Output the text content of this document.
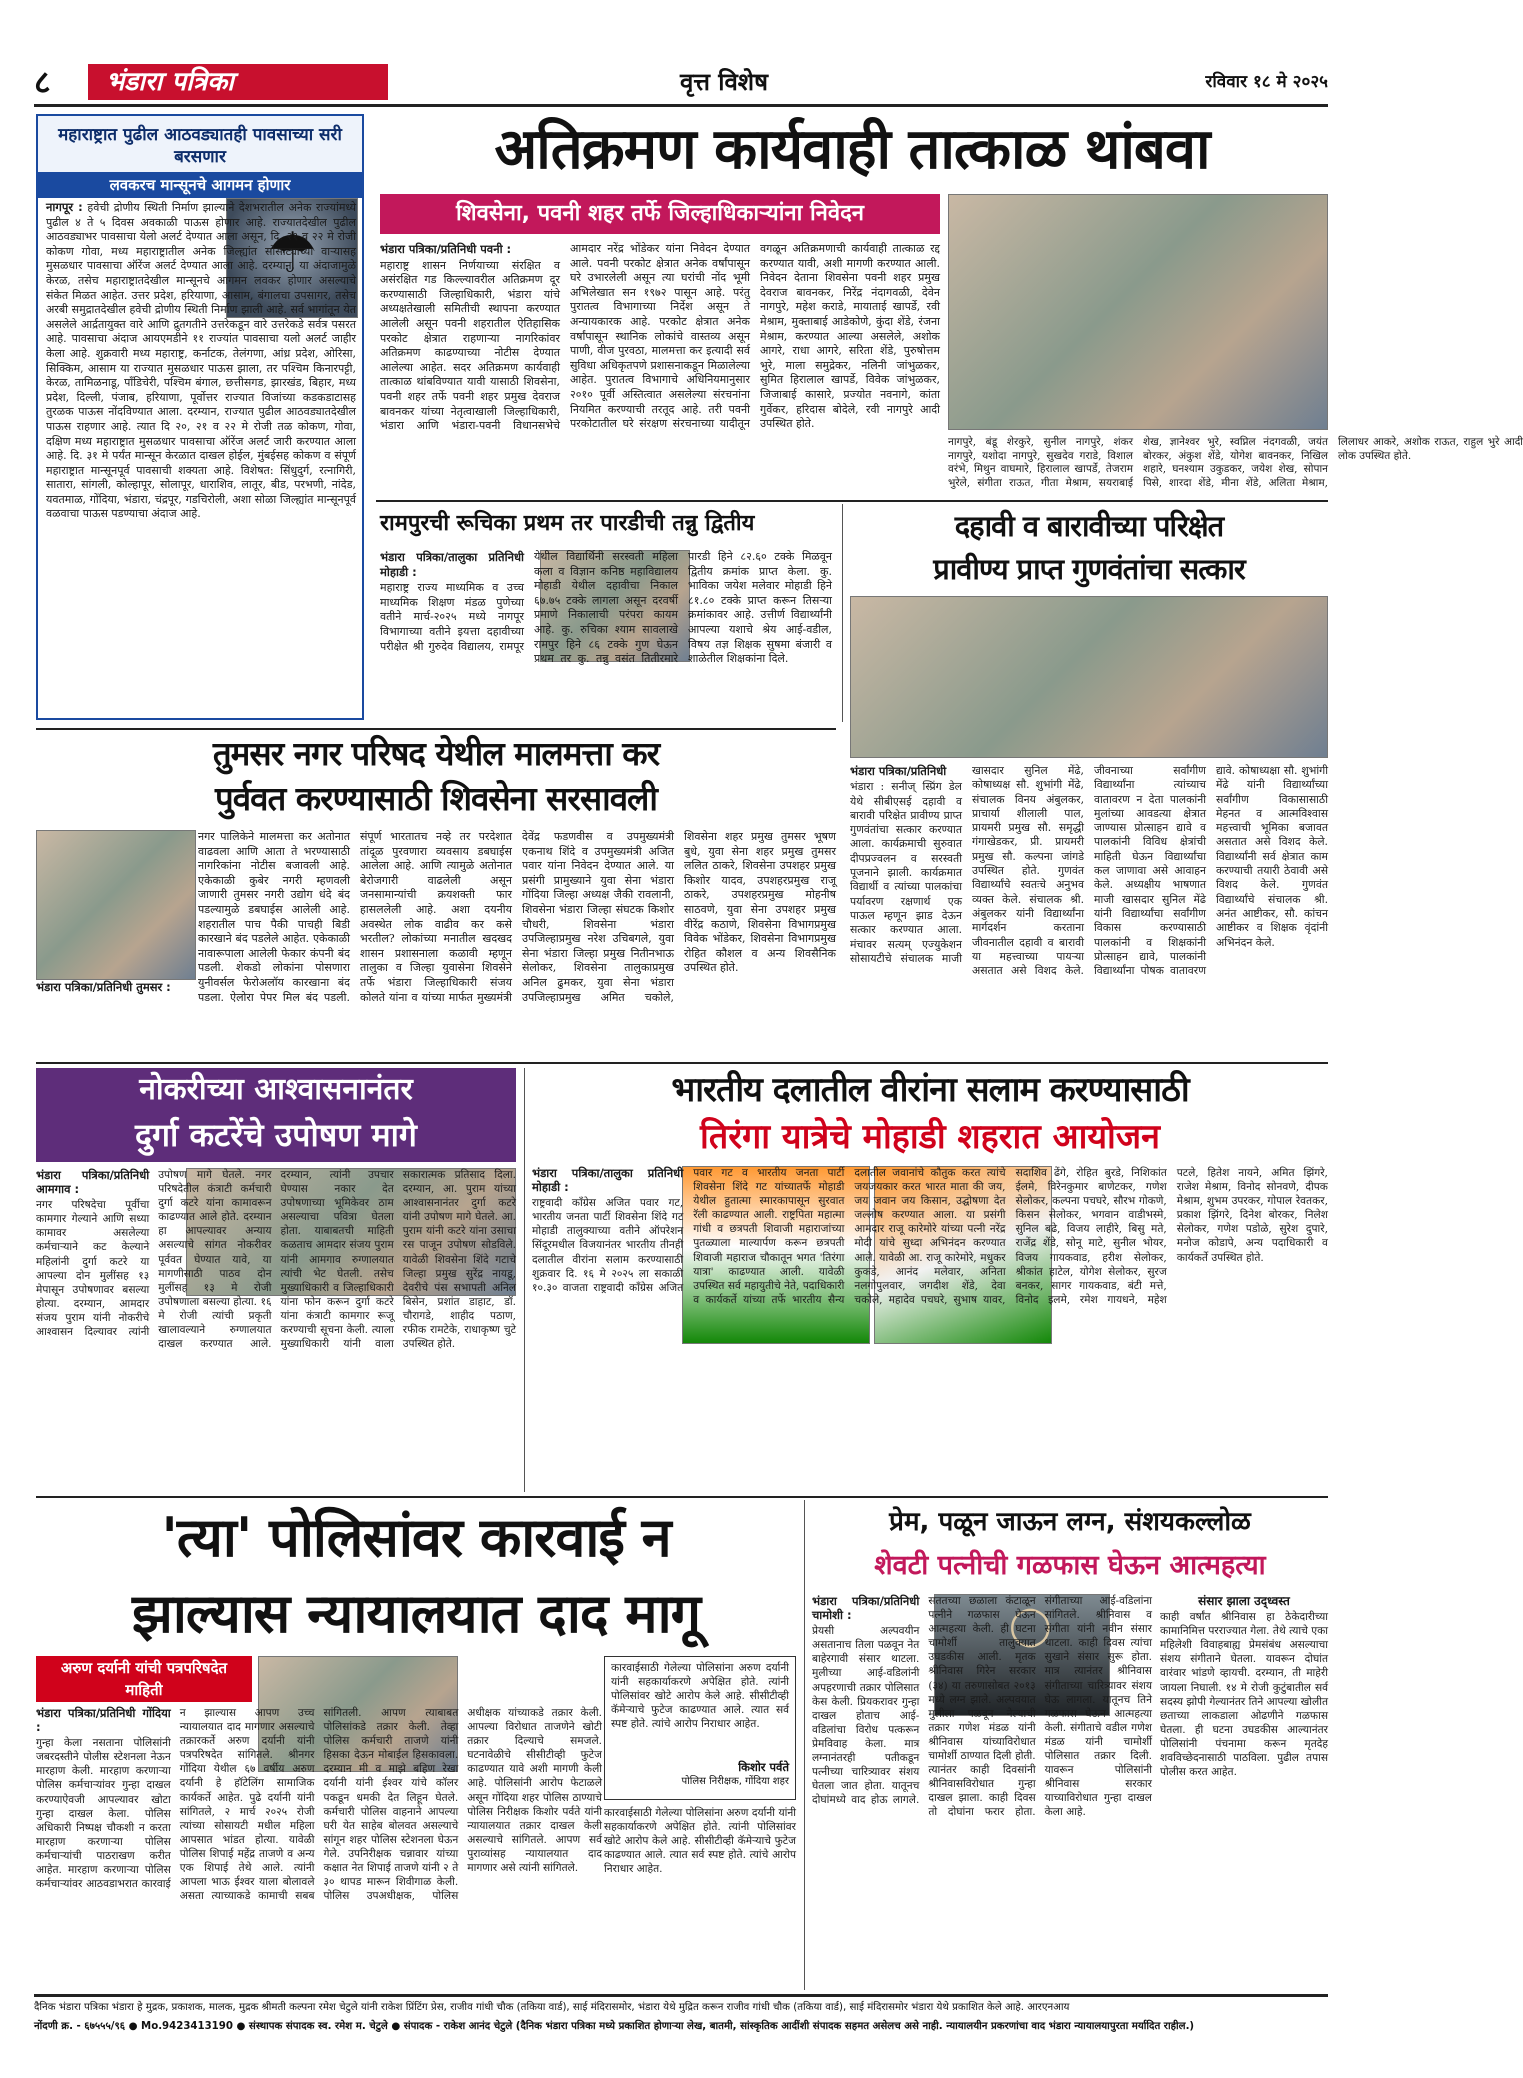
८	भंडारा पत्रिका	वृत्त विशेष	रविवार १८ मे २०२५
महाराष्ट्रात पुढील आठवड्यातही पावसाच्या सरी बरसणार
लवकरच मान्सूनचे आगमन होणार
☂
नागपूर : हवेची द्रोणीय स्थिती निर्माण झाल्याने देशभरातील अनेक राज्यांमध्ये पुढील ४ ते ५ दिवस अवकाळी पाऊस होणार आहे. राज्यातदेखील पुढील आठवड्याभर पावसाचा येलो अलर्ट देण्यात आला असून, दि. २१ व २२ मे रोजी कोकण गोवा, मध्य महाराष्ट्रातील अनेक जिल्ह्यांत सोसाट्याच्या वाऱ्यासह मुसळधार पावसाचा ऑरेंज अलर्ट देण्यात आला आहे. दरम्यान, या अंदाजामुळे केरळ, तसेच महाराष्ट्रातदेखील मान्सूनचे आगमन लवकर होणार असल्याचे संकेत मिळत आहेत. उत्तर प्रदेश, हरियाणा, आसाम, बंगालचा उपसागर, तसेच अरबी समुद्रातदेखील हवेची द्रोणीय स्थिती निर्माण झाली आहे. सर्व भागांतून येत असलेले आर्द्रतायुक्त वारे आणि द्रुतगतीने उत्तरेकडून वारे उत्तरेकडे सर्वत्र पसरत आहे. पावसाचा अंदाज आयएमडीने ११ राज्यांत पावसाचा यलो अलर्ट जाहीर केला आहे. शुक्रवारी मध्य महाराष्ट्र, कर्नाटक, तेलंगणा, आंध्र प्रदेश, ओरिसा, सिक्किम, आसाम या राज्यात मुसळधार पाऊस झाला, तर पश्चिम किनारपट्टी, केरळ, तामिळनाडू, पॉंडिचेरी, पश्चिम बंगाल, छत्तीसगड, झारखंड, बिहार, मध्य प्रदेश, दिल्ली, पंजाब, हरियाणा, पूर्वोत्तर राज्यात विजांच्या कडकडाटासह तुरळक पाऊस नोंदविण्यात आला. दरम्यान, राज्यात पुढील आठवड्यातदेखील पाऊस राहणार आहे. त्यात दि २०, २१ व २२ मे रोजी तळ कोकण, गोवा, दक्षिण मध्य महाराष्ट्रात मुसळधार पावसाचा ऑरेंज अलर्ट जारी करण्यात आला आहे. दि. ३१ मे पर्यंत मान्सून केरळात दाखल होईल, मुंबईसह कोकण व संपूर्ण महाराष्ट्रात मान्सूनपूर्व पावसाची शक्यता आहे. विशेषत: सिंधुदुर्ग, रत्नागिरी, सातारा, सांगली, कोल्हापूर, सोलापूर, धाराशिव, लातूर, बीड, परभणी, नांदेड, यवतमाळ, गोंदिया, भंडारा, चंद्रपूर, गडचिरोली, अशा सोळा जिल्ह्यांत मान्सूनपूर्व वळवाचा पाऊस पडण्याचा अंदाज आहे.
अतिक्रमण कार्यवाही तात्काळ थांबवा
शिवसेना, पवनी शहर तर्फे जिल्हाधिकाऱ्यांना निवेदन
भंडारा पत्रिका/प्रतिनिधी पवनी :
महाराष्ट्र शासन निर्णयाच्या संरक्षित व असंरक्षित गड किल्ल्यावरील अतिक्रमण दूर करण्यासाठी जिल्हाधिकारी, भंडारा यांचे अध्यक्षतेखाली समितीची स्थापना करण्यात आलेली असून पवनी शहरातील ऐतिहासिक परकोट क्षेत्रात राहणाऱ्या नागरिकांवर अतिक्रमण काढण्याच्या नोटीस देण्यात आलेल्या आहेत. सदर अतिक्रमण कार्यवाही तात्काळ थांबविण्यात यावी यासाठी शिवसेना, पवनी शहर तर्फे पवनी शहर प्रमुख देवराज बावनकर यांच्या नेतृत्वाखाली जिल्हाधिकारी, भंडारा आणि भंडारा-पवनी विधानसभेचे आमदार नरेंद्र भोंडेकर यांना निवेदन देण्यात आले. पवनी परकोट क्षेत्रात अनेक वर्षांपासून घरे उभारलेली असून त्या घरांची नोंद भूमी अभिलेखात सन १९७२ पासून आहे. परंतु पुरातत्व विभागाच्या निर्देश असून ते अन्यायकारक आहे. परकोट क्षेत्रात अनेक वर्षांपासून स्थानिक लोकांचे वास्तव्य असून पाणी, वीज पुरवठा, मालमत्ता कर इत्यादी सर्व सुविधा अधिकृतपणे प्रशासनाकडून मिळालेल्या आहेत. पुरातत्व विभागाचे अधिनियमानुसार २०१० पूर्वी अस्तित्वात असलेल्या संरचनांना नियमित करण्याची तरतूद आहे. तरी पवनी परकोटातील घरे संरक्षण संरचनाच्या यादीतून वगळून अतिक्रमणाची कार्यवाही तात्काळ रद्द करण्यात यावी, अशी मागणी करण्यात आली. निवेदन देताना शिवसेना पवनी शहर प्रमुख देवराज बावनकर, निरेंद्र नंदागवळी, देवेन नागपुरे, महेश कराडे, मायाताई खापर्डे, रवी मेश्राम, मुक्ताबाई आडेकोणे, कुंदा शेंडे, रंजना मेश्राम, करण्यात आल्या असलेले, अशोक आगरे, राधा आगरे, सरिता शेंडे, पुरुषोत्तम भुरे, माला समुद्रेकर, नलिनी जांभुळकर, सुमित हिरालाल खापर्डे, विवेक जांभुळकर, जिजाबाई कासारे, प्रज्योत नवनागे, कांता गुर्वेकर, हरिदास बोदेले, रवी नागपुरे आदी उपस्थित होते.
नागपुरे, बंडू शेरकुरे, सुनील नागपुरे, शंकर नागपुरे, यशोदा नागपुरे, सुखदेव गराडे, विशाल वरंभे, मिथुन वाघमारे, हिरालाल खापर्डे, तेजराम भुरेले, संगीता राऊत, गीता मेश्राम, सयराबाई शेख, ज्ञानेश्वर भुरे, स्वप्निल नंदगवळी, जयंत बोरकर, अंकुश शेंडे, योगेश बावनकर, निखिल शहारे, घनश्याम उकुडकर, जयेश शेख, सोपान पिसे, शारदा शेंडे, मीना शेंडे, अलिता मेश्राम, लिलाधर आकरे, अशोक राऊत, राहुल भुरे आदी लोक उपस्थित होते.
रामपुरची रूचिका प्रथम तर पारडीची तन्नु द्वितीय
भंडारा पत्रिका/तालुका प्रतिनिधी मोहाडी :
महाराष्ट्र राज्य माध्यमिक व उच्च माध्यमिक शिक्षण मंडळ पुणेच्या वतीने मार्च-२०२५ मध्ये नागपूर विभागाच्या वतीने इयत्ता दहावीच्या परीक्षेत श्री गुरुदेव विद्यालय, रामपूर येथील विद्यार्थिनी सरस्वती महिला कला व विज्ञान कनिष्ठ महाविद्यालय मोहाडी येथील दहावीचा निकाल ६७.७५ टक्के लागला असून दरवर्षी प्रमाणे निकालाची परंपरा कायम आहे. कु. रुचिका श्याम सावलाखे रामपुर हिने ८६ टक्के गुण घेऊन प्रथम तर कु. तन्नु वसंत तितीरमारे पारडी हिने ८२.६० टक्के मिळवून द्वितीय क्रमांक प्राप्त केला. कु. भाविका जयेश मलेवार मोहाडी हिने ८१.८० टक्के प्राप्त करून तिसऱ्या क्रमांकावर आहे. उत्तीर्ण विद्यार्थ्यांनी आपल्या यशाचे श्रेय आई-वडील, विषय तज्ञ शिक्षक सुषमा बंजारी व शाळेतील शिक्षकांना दिले.
दहावी व बारावीच्या परिक्षेत
प्रावीण्य प्राप्त गुणवंतांचा सत्कार
भंडारा पत्रिका/प्रतिनिधी
भंडारा : सनीज् स्प्रिंग डेल येथे सीबीएसई दहावी व बारावी परिक्षेत प्रावीण्य प्राप्त गुणवंतांचा सत्कार करण्यात आला. कार्यक्रमाची सुरुवात दीपप्रज्वलन व सरस्वती पूजनाने झाली. कार्यक्रमात विद्यार्थी व त्यांच्या पालकांचा पर्यावरण रक्षणार्थ एक पाऊल म्हणून झाड देऊन सत्कार करण्यात आला. मंचावर सत्यम् एज्युकेशन सोसायटीचे संचालक माजी खासदार सुनिल मेंढे, कोषाध्यक्ष सौ. शुभांगी मेंढे, संचालक विनय अंबुलकर, प्राचार्या शीलाली पाल, प्रायमरी प्रमुख सौ. समृद्धी गंगाखेडकर, प्री. प्रायमरी प्रमुख सौ. कल्पना जांगडे उपस्थित होते. गुणवंत विद्यार्थ्यांचे स्वतःचे अनुभव व्यक्त केले. संचालक श्री. अंबुलकर यांनी विद्यार्थ्यांना मार्गदर्शन करताना जीवनातील दहावी व बारावी या महत्त्वाच्या पायऱ्या असतात असे विशद केले. जीवनाच्या सर्वांगीण विद्यार्थ्यांना त्यांच्याच वातावरण न देता पालकांनी मुलांच्या आवडत्या क्षेत्रात जाण्यास प्रोत्साहन द्यावे व पालकांनी विविध क्षेत्रांची माहिती घेऊन विद्यार्थ्यांचा कल जाणावा असे आवाहन केले. अध्यक्षीय भाषणात माजी खासदार सुनिल मेंढे यांनी विद्यार्थ्यांचा सर्वांगीण विकास करण्यासाठी पालकांनी व शिक्षकांनी प्रोत्साहन द्यावे, पालकांनी विद्यार्थ्यांना पोषक वातावरण द्यावे. कोषाध्यक्षा सौ. शुभांगी मेंढे यांनी विद्यार्थ्यांच्या सर्वांगीण विकासासाठी मेहनत व आत्मविश्वास महत्त्वाची भूमिका बजावत असतात असे विशद केले. विद्यार्थ्यांनी सर्व क्षेत्रात काम करण्याची तयारी ठेवावी असे विशद केले. गुणवंत विद्यार्थ्यांचे संचालक श्री. अनंत आष्टीकर, सौ. कांचन आष्टीकर व शिक्षक वृंदांनी अभिनंदन केले.
तुमसर नगर परिषद येथील मालमत्ता कर
पुर्ववत करण्यासाठी शिवसेना सरसावली
भंडारा पत्रिका/प्रतिनिधी तुमसर :
नगर पालिकेने मालमत्ता कर अतोनात वाढवला आणि आता ते भरण्यासाठी नागरिकांना नोटीस बजावली आहे. एकेकाळी कुबेर नगरी म्हणवली जाणारी तुमसर नगरी उद्योग धंदे बंद पडल्यामुळे डबघाईस आलेली आहे. शहरातील पाच पैकी पाचही बिडी कारखाने बंद पडलेले आहेत. एकेकाळी नावारूपाला आलेली फेकार कंपनी बंद पडली. शेकडो लोकांना पोसणारा युनीवर्सल फेरोअलॉय कारखाना बंद पडला. ऐलोरा पेपर मिल बंद पडली. संपूर्ण भारतातच नव्हे तर परदेशात तांदूळ पुरवणारा व्यवसाय डबघाईस आलेला आहे. आणि त्यामुळे अतोनात बेरोजगारी वाढलेली असून जनसामान्यांची क्रयशक्ती फार हासललेली आहे. अशा दयनीय अवस्थेत लोक वाढीव कर कसे भरतील? लोकांच्या मनातील खदखद शासन प्रशासनाला कळावी म्हणून तालुका व जिल्हा युवासेना शिवसेने तर्फे भंडारा जिल्हाधिकारी संजय कोलते यांना व यांच्या मार्फत मुख्यमंत्री देवेंद्र फडणवीस व उपमुख्यमंत्री एकनाथ शिंदे व उपमुख्यमंत्री अजित पवार यांना निवेदन देण्यात आले. या प्रसंगी प्रामुख्याने युवा सेना भंडारा गोंदिया जिल्हा अध्यक्ष जैकी रावलानी, शिवसेना भंडारा जिल्हा संघटक किशोर चौधरी, शिवसेना भंडारा उपजिल्हाप्रमुख नरेश उचिबगले, युवा सेना भंडारा जिल्हा प्रमुख नितीनभाऊ सेलोकर, शिवसेना तालुकाप्रमुख अनिल ढुमकर, युवा सेना भंडारा उपजिल्हाप्रमुख अमित चकोले, शिवसेना शहर प्रमुख तुमसर भूषण बुधे, युवा सेना शहर प्रमुख तुमसर ललित ठाकरे, शिवसेना उपशहर प्रमुख किशोर यादव, उपशहरप्रमुख राजू ठाकरे, उपशहरप्रमुख मोहनीष साठवणे, युवा सेना उपशहर प्रमुख वीरेंद्र कठाणे, शिवसेना विभागप्रमुख विवेक भोंडेकर, शिवसेना विभागप्रमुख रोहित कौशल व अन्य शिवसैनिक उपस्थित होते.
नोकरीच्या आश्वासनानंतर
दुर्गा कटरेंचे उपोषण मागे
भंडारा पत्रिका/प्रतिनिधी आमगाव :
नगर परिषदेचा पूर्वीचा कामगार गेल्याने आणि सध्या कामावर असलेल्या कर्मचाऱ्याने कट केल्याने महिलांनी दुर्गा कटरे या आपल्या दोन मुलींसह १३ मेपासून उपोषणावर बसल्या होत्या. दरम्यान, आमदार संजय पुराम यांनी नोकरीचे आश्वासन दिल्यावर त्यांनी उपोषण मागे घेतले. नगर परिषदेतील कंत्राटी कर्मचारी दुर्गा कटरे यांना कामावरून काढण्यात आले होते. दरम्यान हा आपल्यावर अन्याय असल्याचे सांगत नोकरीवर पूर्ववत घेण्यात यावे, या मागणीसाठी पाठव दोन मुलींसह १३ मे रोजी उपोषणाला बसल्या होत्या. १६ मे रोजी त्यांची प्रकृती खालावल्याने रुग्णालयात दाखल करण्यात आले. दरम्यान, त्यांनी उपचार घेण्यास नकार देत उपोषणाच्या भूमिकेवर ठाम असल्याचा पवित्रा घेतला होता. याबाबतची माहिती कळताच आमदार संजय पुराम यांनी आमगाव रुग्णालयात त्यांची भेट घेतली. तसेच मुख्याधिकारी व जिल्हाधिकारी यांना फोन करून दुर्गा कटरे यांना कंत्राटी कामगार रूजू करण्याची सूचना केली. त्याला मुख्याधिकारी यांनी वाला सकारात्मक प्रतिसाद दिला. दरम्यान, आ. पुराम यांच्या आश्वासनानंतर दुर्गा कटरे यांनी उपोषण मागे घेतले. आ. पुराम यांनी कटरे यांना उसाचा रस पाजून उपोषण सोडविले. यावेळी शिवसेना शिंदे गटाचे जिल्हा प्रमुख सुरेंद्र नायडू, देवरीचे पंस सभापती अनिल बिसेन, प्रशांत डाहाट, डॉ. चौरागडे, शाहीद पठाण, रफीक रामटेके, राधाकृष्ण चुटे उपस्थित होते.
भारतीय दलातील वीरांना सलाम करण्यासाठी
तिरंगा यात्रेचे मोहाडी शहरात आयोजन
भंडारा पत्रिका/तालुका प्रतिनिधी मोहाडी :
राष्ट्रवादी काँग्रेस अजित पवार गट, भारतीय जनता पार्टी शिवसेना शिंदे गट मोहाडी तालुक्याच्या वतीने ऑपरेशन सिंदूरमधील विजयानंतर भारतीय तीनही दलातील वीरांना सलाम करण्यासाठी शुक्रवार दि. १६ मे २०२५ ला सकाळी १०.३० वाजता राष्ट्रवादी काँग्रेस अजित पवार गट व भारतीय जनता पार्टी शिवसेना शिंदे गट यांच्यातर्फे मोहाडी येथील हुतात्मा स्मारकापासून सुरवात रॅली काढण्यात आली. राष्ट्रपिता महात्मा गांधी व छत्रपती शिवाजी महाराजांच्या पुतळ्याला माल्यार्पण करून छत्रपती शिवाजी महाराज चौकातून भगत 'तिरंगा यात्रा' काढण्यात आली. यावेळी उपस्थित सर्व महायुतीचे नेते, पदाधिकारी व कार्यकर्ते यांच्या तर्फे भारतीय सैन्य दलातील जवानांचे कौतुक करत त्यांचे जयजयकार करत भारत माता की जय, जय जवान जय किसान, उद्घोषणा देत जल्लोष करण्यात आला. या प्रसंगी आमदार राजू कारेमोरे यांच्या पत्नी नरेंद्र मोदी यांचे सुध्दा अभिनंदन करण्यात आले. यावेळी आ. राजू कारेमोरे, मधुकर कुकडे, आनंद मलेवार, अनिता नलगोपुलवार, जगदीश शेंडे, देवा चकोले, महादेव पचघरे, सुभाष यावर, सदाशिव ढेंगे, रोहित बुरडे, निशिकांत ईलमे, विरेनकुमार बाणेटकर, गणेश सेलोकर, कल्पना पचघरे, सौरभ गोकणे, किसन सेलोकर, भगवान वाडीभस्मे, सुनिल बढे, विजय लाहीरे, बिसु मते, राजेंद्र शेंडे, सोनू माटे, सुनील भोयर, विजय गायकवाड, हरीश सेलोकर, श्रीकांत हाटेल, योगेश सेलोकर, सुरज बनकर, सागर गायकवाड, बंटी मत्ते, विनोद इलमे, रमेश गायधने, महेश पटले, हितेश नायने, अमित झिंगरे, राजेश मेश्राम, विनोद सोनवणे, दीपक मेश्राम, शुभम उपरकर, गोपाल रेवतकर, प्रकाश झिंगरे, दिनेश बोरकर, निलेश सेलोकर, गणेश पडोळे, सुरेश दुपारे, मनोज कोडापे, अन्य पदाधिकारी व कार्यकर्ते उपस्थित होते.
'त्या' पोलिसांवर कारवाई न
झाल्यास न्यायालयात दाद मागू
अरुण दर्यानी यांची पत्रपरिषदेत माहिती
कारवाईसाठी गेलेल्या पोलिसांना अरुण दर्यानी यांनी सहकार्याकरणे अपेक्षित होते. त्यांनी पोलिसांवर खोटे आरोप केले आहे. सीसीटीव्ही कॅमेऱ्याचे फुटेज काढण्यात आले. त्यात सर्व स्पष्ट होते. त्यांचे आरोप निराधार आहेत.
किशोर पर्वते
पोलिस निरीक्षक, गोंदिया शहर
भंडारा पत्रिका/प्रतिनिधी गोंदिया :
गुन्हा केला नसताना पोलिसांनी जबरदस्तीने पोलीस स्टेशनला नेऊन मारहाण केली. मारहाण करणाऱ्या पोलिस कर्मचाऱ्यांवर गुन्हा दाखल करण्याऐवजी आपल्यावर खोटा गुन्हा दाखल केला. पोलिस अधिकारी निष्पक्ष चौकशी न करता मारहाण करणाऱ्या पोलिस कर्मचाऱ्यांची पाठराखण करीत आहेत. मारहाण करणाऱ्या पोलिस कर्मचाऱ्यांवर आठवडाभरात कारवाई न झाल्यास आपण उच्च न्यायालयात दाद मागणार असल्याचे तक्रारकर्ते अरुण दर्यानी यांनी पत्रपरिषदेत सांगितले. श्रीनगर गोंदिया येथील ६७ वर्षीय अरुण दर्यानी हे हॉटेलिंग सामाजिक कार्यकर्ते आहेत. पुढे दर्यानी यांनी सांगितले, २ मार्च २०२५ रोजी त्यांच्या सोसायटी मधील महिला आपसात भांडत होत्या. यावेळी पोलिस शिपाई महेंद्र ताजणे व अन्य एक शिपाई तेथे आले. त्यांनी आपला भाऊ ईश्वर याला बोलावले असता त्याच्याकडे कामाची सबब सांगितली. आपण त्याबाबत पोलिसांकडे तक्रार केली. तेव्हा पोलिस कर्मचारी ताजणे यांनी हिसका देऊन मोबाईल हिसकावला. दरम्यान मी व माझे बहिण रेखा दर्यानी यांनी ईश्वर यांचे कॉलर पकडून धमकी देत लिहून घेतले. कर्मचारी पोलिस वाहनाने आपल्या घरी येत साहेब बोलवत असल्याचे सांगून शहर पोलिस स्टेशनला घेऊन गेले. उपनिरीक्षक चन्नावार यांच्या कक्षात नेत शिपाई ताजणे यांनी २ ते ३० थापड मारून शिवीगाळ केली. पोलिस उपअधीक्षक, पोलिस अधीक्षक यांच्याकडे तक्रार केली. आपल्या विरोधात ताजणेने खोटी तक्रार दिल्याचे समजले. घटनावेळीचे सीसीटीव्ही फुटेज काढण्यात यावे अशी मागणी केली आहे. पोलिसांनी आरोप फेटाळले असून गोंदिया शहर पोलिस ठाण्याचे पोलिस निरीक्षक किशोर पर्वते यांनी न्यायालयात तक्रार दाखल केली असल्याचे सांगितले. आपण सर्व पुराव्यांसह न्यायालयात दाद मागणार असे त्यांनी सांगितले.
कारवाईसाठी गेलेल्या पोलिसांना अरुण दर्यानी यांनी सहकार्याकरणे अपेक्षित होते. त्यांनी पोलिसांवर खोटे आरोप केले आहे. सीसीटीव्ही कॅमेऱ्याचे फुटेज काढण्यात आले. त्यात सर्व स्पष्ट होते. त्यांचे आरोप निराधार आहेत.
प्रेम, पळून जाऊन लग्न, संशयकल्लोळ
शेवटी पत्नीची गळफास घेऊन आत्महत्या
◯
भंडारा पत्रिका/प्रतिनिधी चामोशी :
प्रेयसी अल्पवयीन असतानाच तिला पळवून नेत बाहेरगावी संसार थाटला. मुलीच्या आई-वडिलांनी अपहरणाची तक्रार पोलिसात केस केली. प्रियकरावर गुन्हा दाखल होताच आई-वडिलांचा विरोध पत्करून प्रेमविवाह केला. मात्र लग्नानंतरही पतीकडून पत्नीच्या चारित्र्यावर संशय घेतला जात होता. यातूनच दोघांमध्ये वाद होऊ लागले. सततच्या छळाला कंटाळून पत्नीने गळफास घेऊन आत्महत्या केली. ही घटना चामोर्शी तालुक्यात उघडकीस आली. मृतक श्रीनिवास गिरेन सरकार (३४) या तरुणासोबत २०१३ मध्ये लग्न झाले. अल्पवयात मुलीला पळवून नेल्याची तक्रार गणेश मंडळ यांनी श्रीनिवास यांच्याविरोधात चामोर्शी ठाण्यात दिली होती. त्यानंतर काही दिवसांनी श्रीनिवासविरोधात गुन्हा दाखल झाला. काही दिवस तो दोघांना फरार होता. संगीताच्या आई-वडिलांना सांगितले. श्रीनिवास व संगीता यांनी नवीन संसार थाटला. काही दिवस त्यांचा सुखाने संसार सुरू होता. मात्र त्यानंतर श्रीनिवास संगीताच्या चारित्र्यावर संशय घेऊ लागला. यातूनच तिने गळफास घेऊन आत्महत्या केली. संगीताचे वडील गणेश मंडळ यांनी चामोर्शी पोलिसात तक्रार दिली. यावरून पोलिसांनी श्रीनिवास सरकार याच्याविरोधात गुन्हा दाखल केला आहे.
संसार झाला उद्ध्वस्त
काही वर्षांत श्रीनिवास हा ठेकेदारीच्या कामानिमित्त परराज्यात गेला. तेथे त्याचे एका महिलेशी विवाहबाह्य प्रेमसंबंध असल्याचा संशय संगीताने घेतला. यावरून दोघांत वारंवार भांडणे व्हायची. दरम्यान, ती माहेरी जायला निघाली. १४ मे रोजी कुटुंबातील सर्व सदस्य झोपी गेल्यानंतर तिने आपल्या खोलीत छताच्या लाकडाला ओढणीने गळफास घेतला. ही घटना उघडकीस आल्यानंतर पोलिसांनी पंचनामा करून मृतदेह शवविच्छेदनासाठी पाठविला. पुढील तपास पोलीस करत आहेत.
दैनिक भंडारा पत्रिका भंडारा हे मुद्रक, प्रकाशक, मालक, मुद्रक श्रीमती कल्पना रमेश चेटुले यांनी राकेश प्रिंटिंग प्रेस, राजीव गांधी चौक (तकिया वार्ड), साई मंदिरासमोर, भंडारा येथे मुद्रित करून राजीव गांधी चौक (तकिया वार्ड), साई मंदिरासमोर भंडारा येथे प्रकाशित केले आहे. आरएनआय
नोंदणी क्र. - ६७५५५/९६ ● Mo.9423413190 ● संस्थापक संपादक स्व. रमेश म. चेटुले ● संपादक - राकेश आनंद चेटुले (दैनिक भंडारा पत्रिका मध्ये प्रकाशित होणाऱ्या लेख, बातमी, सांस्कृतिक आदींशी संपादक सहमत असेलच असे नाही. न्यायालयीन प्रकरणांचा वाद भंडारा न्यायालयापुरता मर्यादित राहील.)
